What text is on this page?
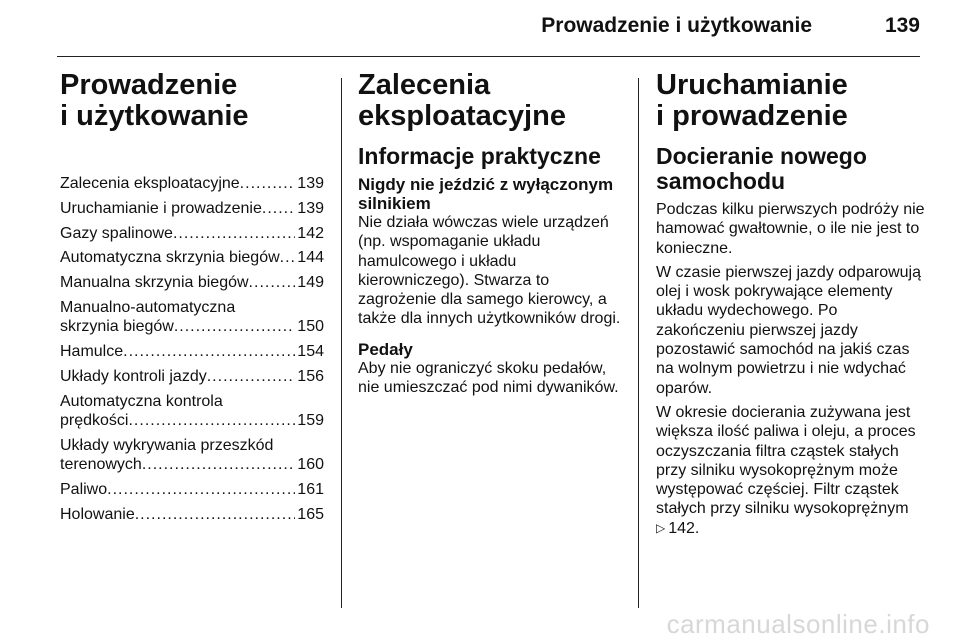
Prowadzenie i użytkowanie	139
Prowadzenie
i użytkowanie
Zalecenia eksploatacyjne .....	139
Uruchamianie i prowadzenie ..... 139
Gazy spalinowe .....	142
Automatyczna skrzynia biegów ..... 144
Manualna skrzynia biegów .....	149
Manualno-automatyczna
skrzynia biegów .....	150
Hamulce .....	154
Układy kontroli jazdy .....	156
Automatyczna kontrola
prędkości .....	159
Układy wykrywania przeszkód
terenowych .....	160
Paliwo .....	161
Holowanie .....	165
Zalecenia
eksploatacyjne
Informacje praktyczne
Nigdy nie jeździć z wyłączonym silnikiem

Nie działa wówczas wiele urządzeń (np. wspomaganie układu hamulcowego i układu kierowniczego). Stwarza to zagrożenie dla samego kierowcy, a także dla innych użytkowników drogi.

Pedały

Aby nie ograniczyć skoku pedałów, nie umieszczać pod nimi dywaników.

Uruchamianie
i prowadzenie
Docieranie nowego samochodu

Podczas kilku pierwszych podróży nie hamować gwałtownie, o ile nie jest to konieczne.

W czasie pierwszej jazdy odparowują olej i wosk pokrywające elementy układu wydechowego. Po zakończeniu pierwszej jazdy pozostawić samochód na jakiś czas na wolnym powietrzu i nie wdychać oparów.

W okresie docierania zużywana jest większa ilość paliwa i oleju, a proces oczyszczania filtra cząstek stałych przy silniku wysokoprężnym może występować częściej. Filtr cząstek stałych przy silniku wysokoprężnym
▷ 142.

carmanualsonline.info
